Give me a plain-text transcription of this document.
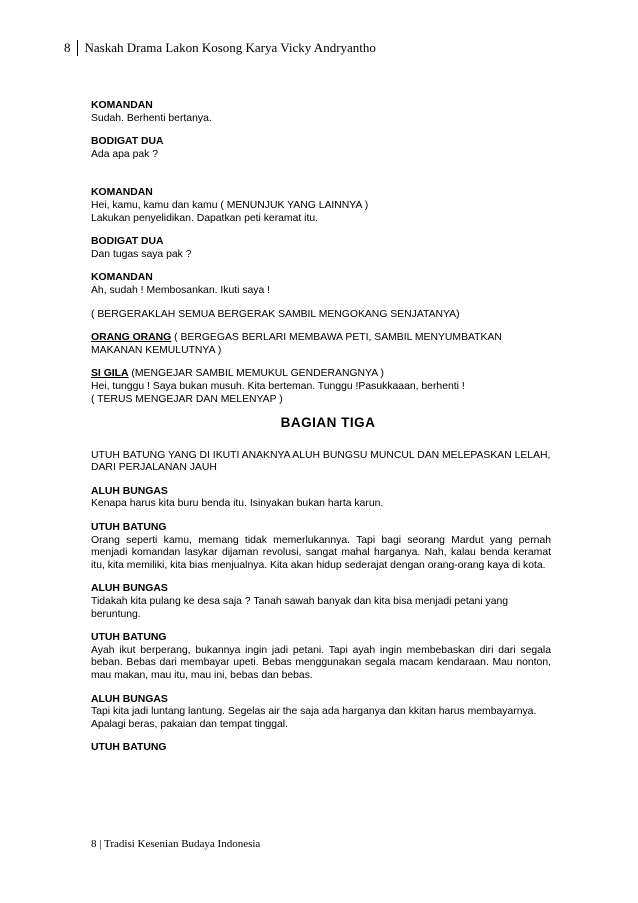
8	Naskah Drama Lakon Kosong Karya Vicky Andryantho
KOMANDAN
Sudah. Berhenti bertanya.
BODIGAT DUA
Ada apa pak ?
KOMANDAN
Hei, kamu, kamu dan kamu ( MENUNJUK YANG LAINNYA )
Lakukan penyelidikan. Dapatkan peti keramat itu.
BODIGAT DUA
Dan tugas saya pak ?
KOMANDAN
Ah, sudah ! Membosankan. Ikuti saya !
( BERGERAKLAH SEMUA BERGERAK SAMBIL MENGOKANG SENJATANYA)
ORANG ORANG ( BERGEGAS BERLARI MEMBAWA PETI, SAMBIL MENYUMBATKAN
MAKANAN KEMULUTNYA )
SI GILA (MENGEJAR SAMBIL MEMUKUL GENDERANGNYA )
Hei, tunggu ! Saya bukan musuh. Kita berteman. Tunggu !Pasukkaaan, berhenti !
( TERUS MENGEJAR DAN MELENYAP )
BAGIAN TIGA
UTUH BATUNG YANG DI IKUTI ANAKNYA ALUH BUNGSU MUNCUL DAN MELEPASKAN LELAH, DARI PERJALANAN JAUH
ALUH BUNGAS
Kenapa harus kita buru benda itu. Isinyakan bukan harta karun.
UTUH BATUNG
Orang seperti kamu, memang tidak memerlukannya. Tapi bagi seorang Mardut yang pernah menjadi komandan lasykar dijaman revolusi, sangat mahal harganya. Nah, kalau benda keramat itu, kita memiliki, kita bias menjualnya. Kita akan hidup sederajat dengan orang-orang kaya di kota.
ALUH BUNGAS
Tidakah kita pulang ke desa saja ? Tanah sawah banyak dan kita bisa menjadi petani yang beruntung.
UTUH BATUNG
Ayah ikut berperang, bukannya ingin jadi petani. Tapi ayah ingin membebaskan diri dari segala beban. Bebas dari membayar upeti. Bebas menggunakan segala macam kendaraan. Mau nonton, mau makan, mau itu, mau ini, bebas dan bebas.
ALUH BUNGAS
Tapi kita jadi luntang lantung. Segelas air the saja ada harganya dan kkitan harus membayarnya. Apalagi beras, pakaian dan tempat tinggal.
UTUH BATUNG
8 | Tradisi Kesenian Budaya Indonesia
